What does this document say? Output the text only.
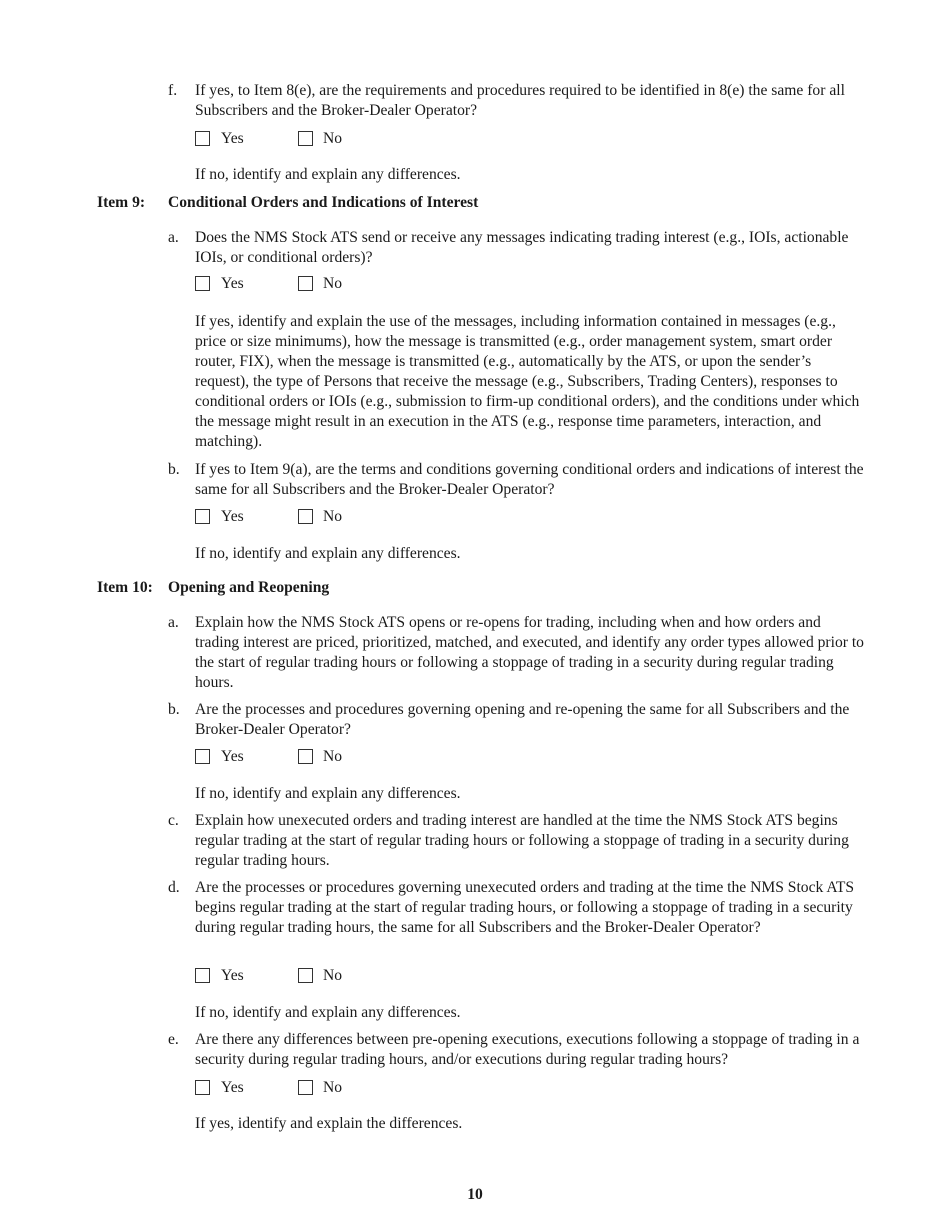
f. If yes, to Item 8(e), are the requirements and procedures required to be identified in 8(e) the same for all Subscribers and the Broker-Dealer Operator?
Yes	No
If no, identify and explain any differences.
Item 9: Conditional Orders and Indications of Interest
a. Does the NMS Stock ATS send or receive any messages indicating trading interest (e.g., IOIs, actionable IOIs, or conditional orders)?
Yes	No
If yes, identify and explain the use of the messages, including information contained in messages (e.g., price or size minimums), how the message is transmitted (e.g., order management system, smart order router, FIX), when the message is transmitted (e.g., automatically by the ATS, or upon the sender’s request), the type of Persons that receive the message (e.g., Subscribers, Trading Centers), responses to conditional orders or IOIs (e.g., submission to firm-up conditional orders), and the conditions under which the message might result in an execution in the ATS (e.g., response time parameters, interaction, and matching).
b. If yes to Item 9(a), are the terms and conditions governing conditional orders and indications of interest the same for all Subscribers and the Broker-Dealer Operator?
Yes	No
If no, identify and explain any differences.
Item 10: Opening and Reopening
a. Explain how the NMS Stock ATS opens or re-opens for trading, including when and how orders and trading interest are priced, prioritized, matched, and executed, and identify any order types allowed prior to the start of regular trading hours or following a stoppage of trading in a security during regular trading hours.
b. Are the processes and procedures governing opening and re-opening the same for all Subscribers and the Broker-Dealer Operator?
Yes	No
If no, identify and explain any differences.
c. Explain how unexecuted orders and trading interest are handled at the time the NMS Stock ATS begins regular trading at the start of regular trading hours or following a stoppage of trading in a security during regular trading hours.
d. Are the processes or procedures governing unexecuted orders and trading at the time the NMS Stock ATS begins regular trading at the start of regular trading hours, or following a stoppage of trading in a security during regular trading hours, the same for all Subscribers and the Broker-Dealer Operator?
Yes	No
If no, identify and explain any differences.
e. Are there any differences between pre-opening executions, executions following a stoppage of trading in a security during regular trading hours, and/or executions during regular trading hours?
Yes	No
If yes, identify and explain the differences.
10
